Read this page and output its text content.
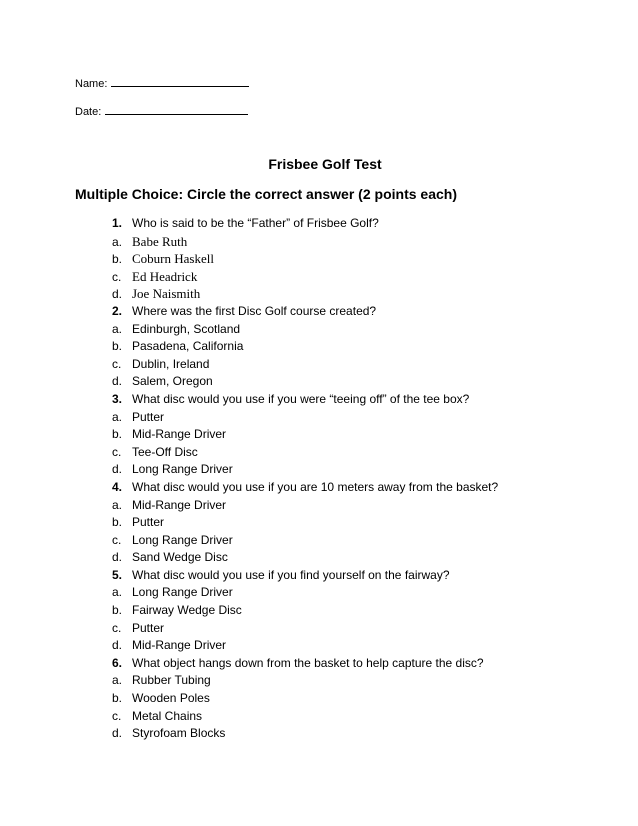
Name:
Date:
Frisbee Golf Test
Multiple Choice: Circle the correct answer (2 points each)
1. Who is said to be the “Father” of Frisbee Golf?
a. Babe Ruth
b. Coburn Haskell
c. Ed Headrick
d. Joe Naismith
2. Where was the first Disc Golf course created?
a. Edinburgh, Scotland
b. Pasadena, California
c. Dublin, Ireland
d. Salem, Oregon
3. What disc would you use if you were “teeing off” of the tee box?
a. Putter
b. Mid-Range Driver
c. Tee-Off Disc
d. Long Range Driver
4. What disc would you use if you are 10 meters away from the basket?
a. Mid-Range Driver
b. Putter
c. Long Range Driver
d. Sand Wedge Disc
5. What disc would you use if you find yourself on the fairway?
a. Long Range Driver
b. Fairway Wedge Disc
c. Putter
d. Mid-Range Driver
6. What object hangs down from the basket to help capture the disc?
a. Rubber Tubing
b. Wooden Poles
c. Metal Chains
d. Styrofoam Blocks
